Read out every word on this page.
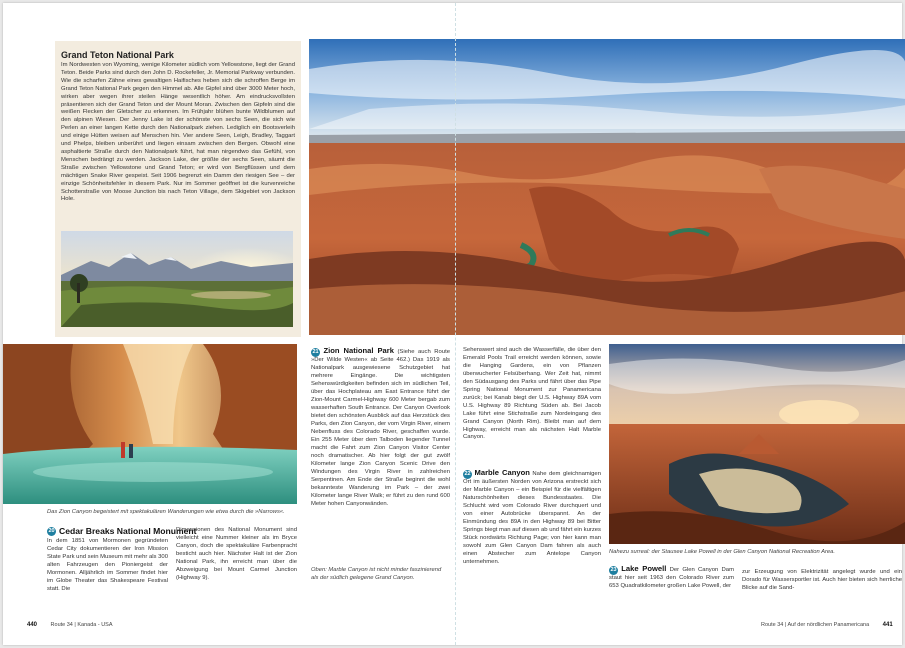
Grand Teton National Park
Im Nordwesten von Wyoming, wenige Kilometer südlich vom Yellowstone, liegt der Grand Teton. Beide Parks sind durch den John D. Rockefeller, Jr. Memorial Parkway verbunden. Wie die scharfen Zähne eines gewaltigen Haifisches heben sich die schroffen Berge im Grand Teton National Park gegen den Himmel ab. Alle Gipfel sind über 3000 Meter hoch, wirken aber wegen ihrer steilen Hänge wesentlich höher. Am eindrucksvollsten präsentieren sich der Grand Teton und der Mount Moran. Zwischen den Gipfeln sind die weißen Flecken der Gletscher zu erkennen. Im Frühjahr blühen bunte Wildblumen auf den alpinen Wiesen. Der Jenny Lake ist der schönste von sechs Seen, die sich wie Perlen an einer langen Kette durch den Nationalpark ziehen. Lediglich ein Bootsverleih und einige Hütten weisen auf Menschen hin. Vier andere Seen, Leigh, Bradley, Taggart und Phelps, bleiben unberührt und liegen einsam zwischen den Bergen. Obwohl eine asphaltierte Straße durch den Nationalpark führt, hat man nirgendwo das Gefühl, von Menschen bedrängt zu werden. Jackson Lake, der größte der sechs Seen, säumt die Straße zwischen Yellowstone und Grand Teton; er wird von Bergflüssen und dem mächtigen Snake River gespeist. Seit 1906 begrenzt ein Damm den riesigen See – der einzige Schönheitsfehler in diesem Park. Nur im Sommer geöffnet ist die kurvenreiche Schotterstraße von Moose Junction bis nach Teton Village, dem Skigebiet von Jackson Hole.
Das Zion Canyon begeistert mit spektakulären Wanderungen wie etwa durch die »Narrows«.
20 Cedar Breaks National Monument
In dem 1851 von Mormonen gegründeten Cedar City dokumentieren der Iron Mission State Park und sein Museum mit mehr als 300 alten Fahrzeugen den Pioniergeist der Mormonen. Alljährlich im Sommer findet hier im Globe Theater das Shakespeare Festival statt. Die
Dimensionen des National Monument sind vielleicht eine Nummer kleiner als im Bryce Canyon, doch die spektakuläre Farbenpracht besticht auch hier. Nächster Halt ist der Zion National Park, ihn erreicht man über die Abzweigung bei Mount Carmel Junction (Highway 9).
21 Zion National Park (Siehe auch Route »Der Wilde Westen« ab Seite 462.) Das 1919 als Nationalpark ausgewiesene Schutzgebiet hat mehrere Eingänge. Die wichtigsten Sehenswürdigkeiten befinden sich im südlichen Teil, über das Hochplateau am East Entrance führt der Zion-Mount Carmel-Highway 600 Meter bergab zum wasserhaften South Entrance. Der Canyon Overlook bietet den schönsten Ausblick auf das Herzstück des Parks, den Zion Canyon, der vom Virgin River, einem Nebenfluss des Colorado River, geschaffen wurde. Ein 255 Meter über dem Talboden liegender Tunnel macht die Fahrt zum Zion Canyon Visitor Center noch dramatischer. Ab hier folgt der gut zwölf Kilometer lange Zion Canyon Scenic Drive den Windungen des Virgin River in zahlreichen Serpentinen. Am Ende der Straße beginnt die wohl bekannteste Wanderung im Park – der zwei Kilometer lange River Walk; er führt zu den rund 600 Meter hohen Canyonwänden.
Oben: Marble Canyon ist nicht minder faszinierend als der südlich gelegene Grand Canyon.
Sehenswert sind auch die Wasserfälle, die über den Emerald Pools Trail erreicht werden können, sowie die Hanging Gardens, ein von Pflanzen überwucherter Felsüberhang. Wer Zeit hat, nimmt den Südausgang des Parks und fährt über das Pipe Spring National Monument zur Panamericana zurück; bei Kanab biegt der U.S. Highway 89A vom U.S. Highway 89 Richtung Süden ab. Bei Jacob Lake führt eine Stichstraße zum Nordeingang des Grand Canyon (North Rim). Bleibt man auf dem Highway, erreicht man als nächsten Halt Marble Canyon.
22 Marble Canyon Nahe dem gleichnamigen Ort im äußersten Norden von Arizona erstreckt sich der Marble Canyon – ein Beispiel für die vielfältigen Naturschönheiten dieses Bundesstaates. Die Schlucht wird vom Colorado River durchquert und von einer Autobrücke überspannt. An der Einmündung des 89A in den Highway 89 bei Bitter Springs biegt man auf diesen ab und fährt ein kurzes Stück nordwärts Richtung Page; von hier kann man sowohl zum Glen Canyon Dam fahren als auch einen Abstecher zum Antelope Canyon unternehmen.
Nahezu surreal: der Stausee Lake Powell in der Glen Canyon National Recreation Area.
23 Lake Powell Der Glen Canyon Dam staut hier seit 1963 den Colorado River zum 653 Quadratkilometer großen Lake Powell, der
zur Erzeugung von Elektrizität angelegt wurde und ein Dorado für Wassersportler ist. Auch hier bieten sich herrliche Blicke auf die Sand-
440 Route 34 | Kanada - USA	Route 34 | Auf der nördlichen Panamericana 441
